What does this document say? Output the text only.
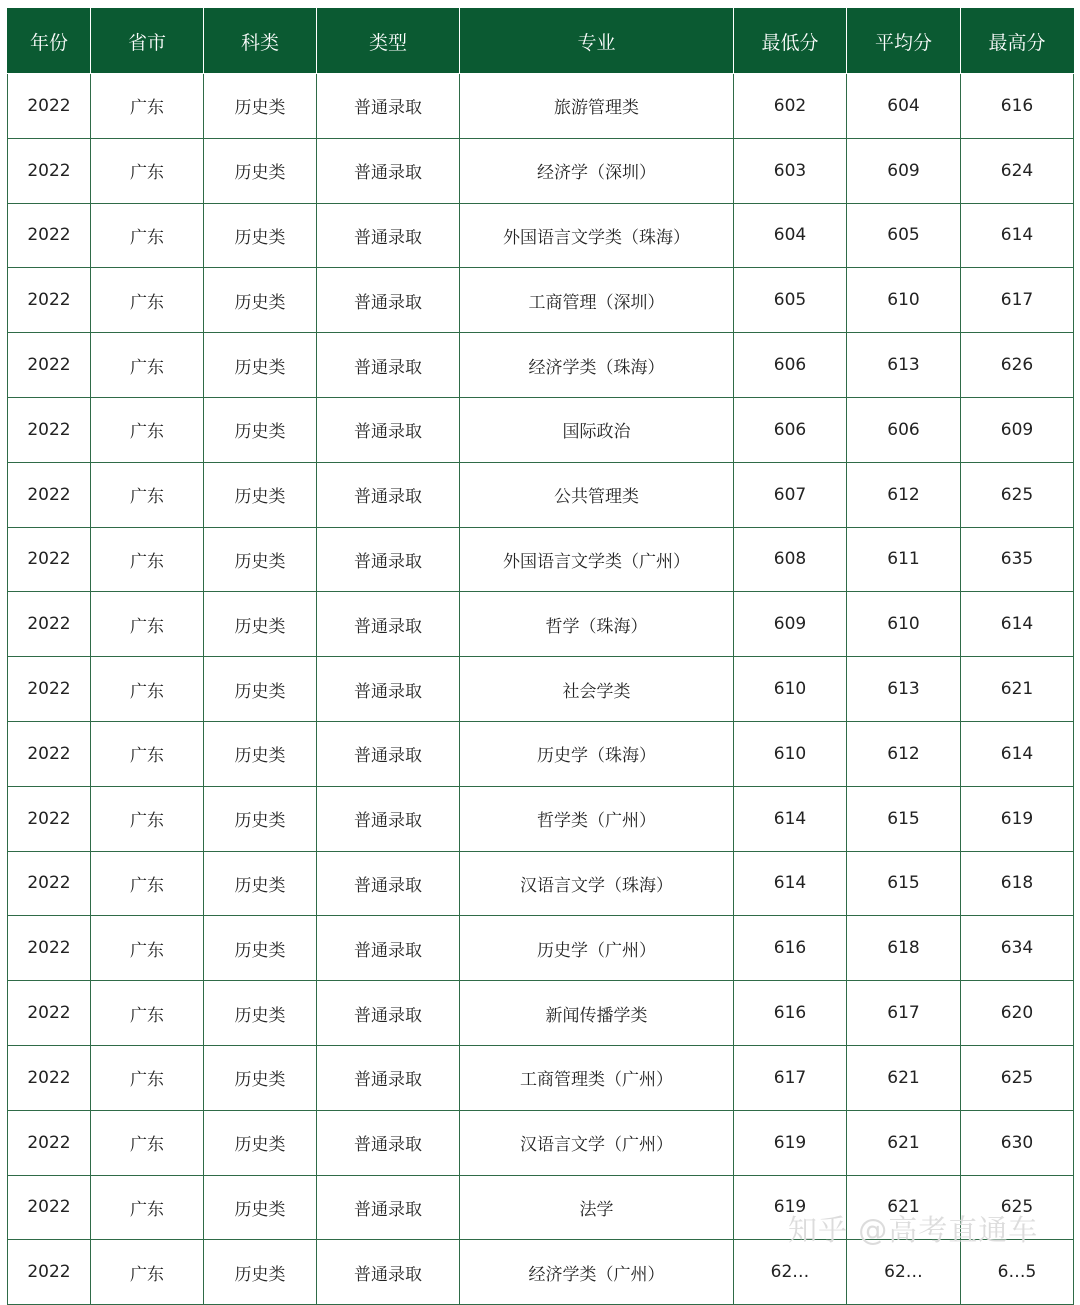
年份	省市	科类	类型	专业	最低分	平均分	最高分
2022	广东	历史类	普通录取	旅游管理类	602	604	616
2022	广东	历史类	普通录取	经济学（深圳）	603	609	624
2022	广东	历史类	普通录取	外国语言文学类（珠海）	604	605	614
2022	广东	历史类	普通录取	工商管理（深圳）	605	610	617
2022	广东	历史类	普通录取	经济学类（珠海）	606	613	626
2022	广东	历史类	普通录取	国际政治	606	606	609
2022	广东	历史类	普通录取	公共管理类	607	612	625
2022	广东	历史类	普通录取	外国语言文学类（广州）	608	611	635
2022	广东	历史类	普通录取	哲学（珠海）	609	610	614
2022	广东	历史类	普通录取	社会学类	610	613	621
2022	广东	历史类	普通录取	历史学（珠海）	610	612	614
2022	广东	历史类	普通录取	哲学类（广州）	614	615	619
2022	广东	历史类	普通录取	汉语言文学（珠海）	614	615	618
2022	广东	历史类	普通录取	历史学（广州）	616	618	634
2022	广东	历史类	普通录取	新闻传播学类	616	617	620
2022	广东	历史类	普通录取	工商管理类（广州）	617	621	625
2022	广东	历史类	普通录取	汉语言文学（广州）	619	621	630
2022	广东	历史类	普通录取	法学	619	621	625
2022	广东	历史类	普通录取	经济学类（广州）	62…	62…	6…5
知乎 @高考直通车
